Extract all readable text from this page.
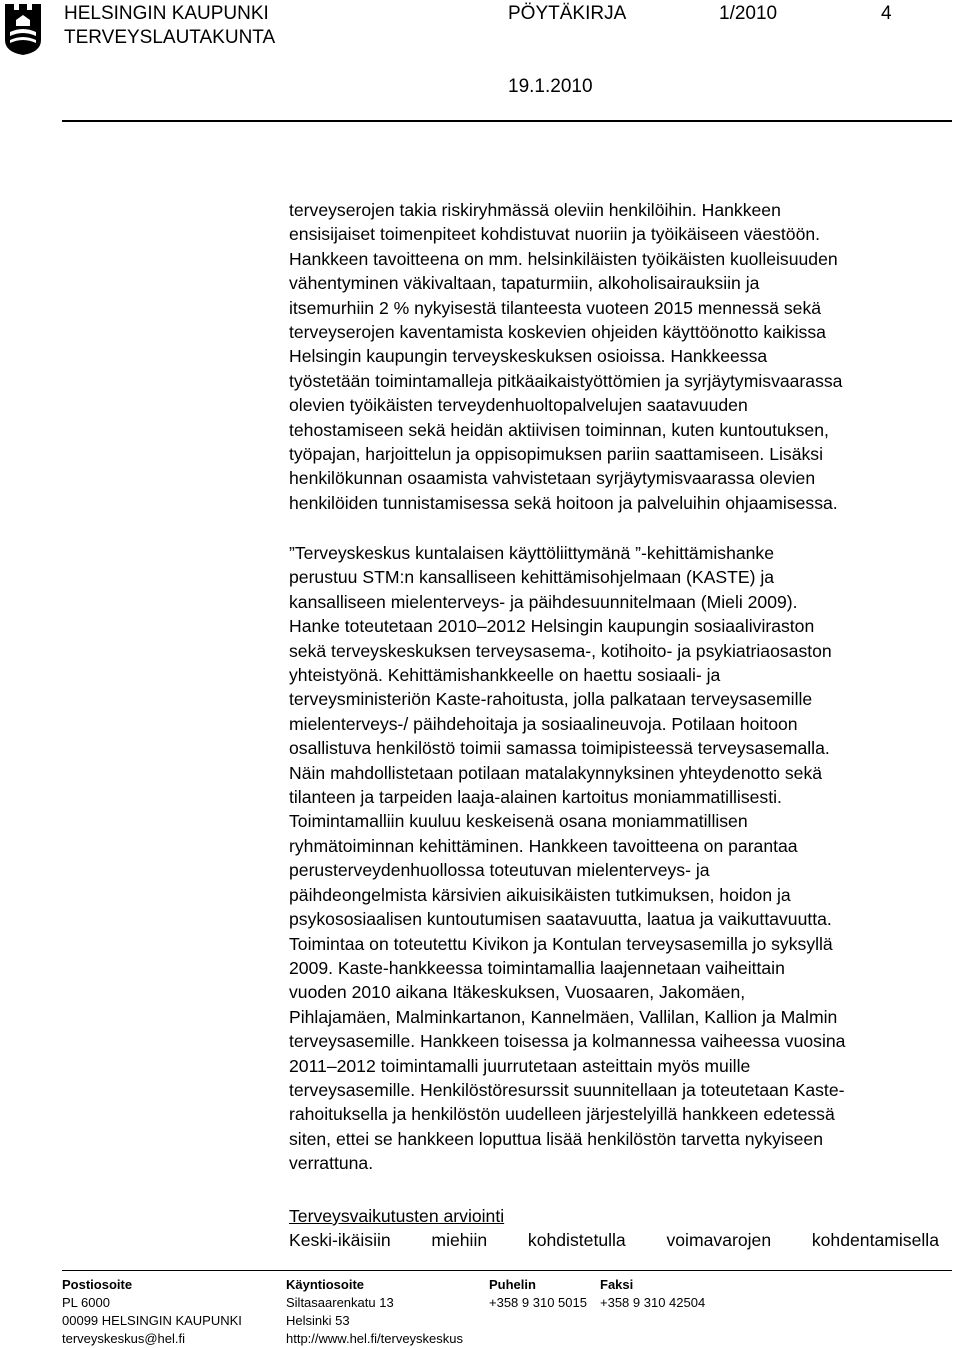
HELSINGIN KAUPUNKI
TERVEYSLAUTAKUNTA
PÖYTÄKIRJA	1/2010	4
19.1.2010
terveyserojen takia riskiryhmässä oleviin henkilöihin. Hankkeen
ensisijaiset toimenpiteet kohdistuvat nuoriin ja työikäiseen väestöön.
Hankkeen tavoitteena on mm. helsinkiläisten työikäisten kuolleisuuden
vähentyminen väkivaltaan, tapaturmiin, alkoholisairauksiin ja
itsemurhiin 2 % nykyisestä tilanteesta vuoteen 2015 mennessä sekä
terveyserojen kaventamista koskevien ohjeiden käyttöönotto kaikissa
Helsingin kaupungin terveyskeskuksen osioissa. Hankkeessa
työstetään toimintamalleja pitkäaikaistyöttömien ja syrjäytymisvaarassa
olevien työikäisten terveydenhuoltopalvelujen saatavuuden
tehostamiseen sekä heidän aktiivisen toiminnan, kuten kuntoutuksen,
työpajan, harjoittelun ja oppisopimuksen pariin saattamiseen. Lisäksi
henkilökunnan osaamista vahvistetaan syrjäytymisvaarassa olevien
henkilöiden tunnistamisessa sekä hoitoon ja palveluihin ohjaamisessa.
”Terveyskeskus kuntalaisen käyttöliittymänä ”-kehittämishanke
perustuu STM:n kansalliseen kehittämisohjelmaan (KASTE) ja
kansalliseen mielenterveys- ja päihdesuunnitelmaan (Mieli 2009).
Hanke toteutetaan 2010–2012 Helsingin kaupungin sosiaaliviraston
sekä terveyskeskuksen terveysasema-, kotihoito- ja psykiatriaosaston
yhteistyönä. Kehittämishankkeelle on haettu sosiaali- ja
terveysministeriön Kaste-rahoitusta, jolla palkataan terveysasemille
mielenterveys-/ päihdehoitaja ja sosiaalineuvoja. Potilaan hoitoon
osallistuva henkilöstö toimii samassa toimipisteessä terveysasemalla.
Näin mahdollistetaan potilaan matalakynnyksinen yhteydenotto sekä
tilanteen ja tarpeiden laaja-alainen kartoitus moniammatillisesti.
Toimintamalliin kuuluu keskeisenä osana moniammatillisen
ryhmätoiminnan kehittäminen. Hankkeen tavoitteena on parantaa
perusterveydenhuollossa toteutuvan mielenterveys- ja
päihdeongelmista kärsivien aikuisikäisten tutkimuksen, hoidon ja
psykososiaalisen kuntoutumisen saatavuutta, laatua ja vaikuttavuutta.
Toimintaa on toteutettu Kivikon ja Kontulan terveysasemilla jo syksyllä
2009. Kaste-hankkeessa toimintamallia laajennetaan vaiheittain
vuoden 2010 aikana Itäkeskuksen, Vuosaaren, Jakomäen,
Pihlajamäen, Malminkartanon, Kannelmäen, Vallilan, Kallion ja Malmin
terveysasemille. Hankkeen toisessa ja kolmannessa vaiheessa vuosina
2011–2012 toimintamalli juurrutetaan asteittain myös muille
terveysasemille. Henkilöstöresurssit suunnitellaan ja toteutetaan Kaste-
rahoituksella ja henkilöstön uudelleen järjestelyillä hankkeen edetessä
siten, ettei se hankkeen loputtua lisää henkilöstön tarvetta nykyiseen
verrattuna.
Terveysvaikutusten arviointi
Keski-ikäisiin miehiin kohdistetulla voimavarojen kohdentamisella
Postiosoite
PL 6000
00099 HELSINGIN KAUPUNKI
terveyskeskus@hel.fi
Käyntiosoite
Siltasaarenkatu 13
Helsinki 53
http://www.hel.fi/terveyskeskus
Puhelin
+358 9 310 5015
Faksi
+358 9 310 42504
